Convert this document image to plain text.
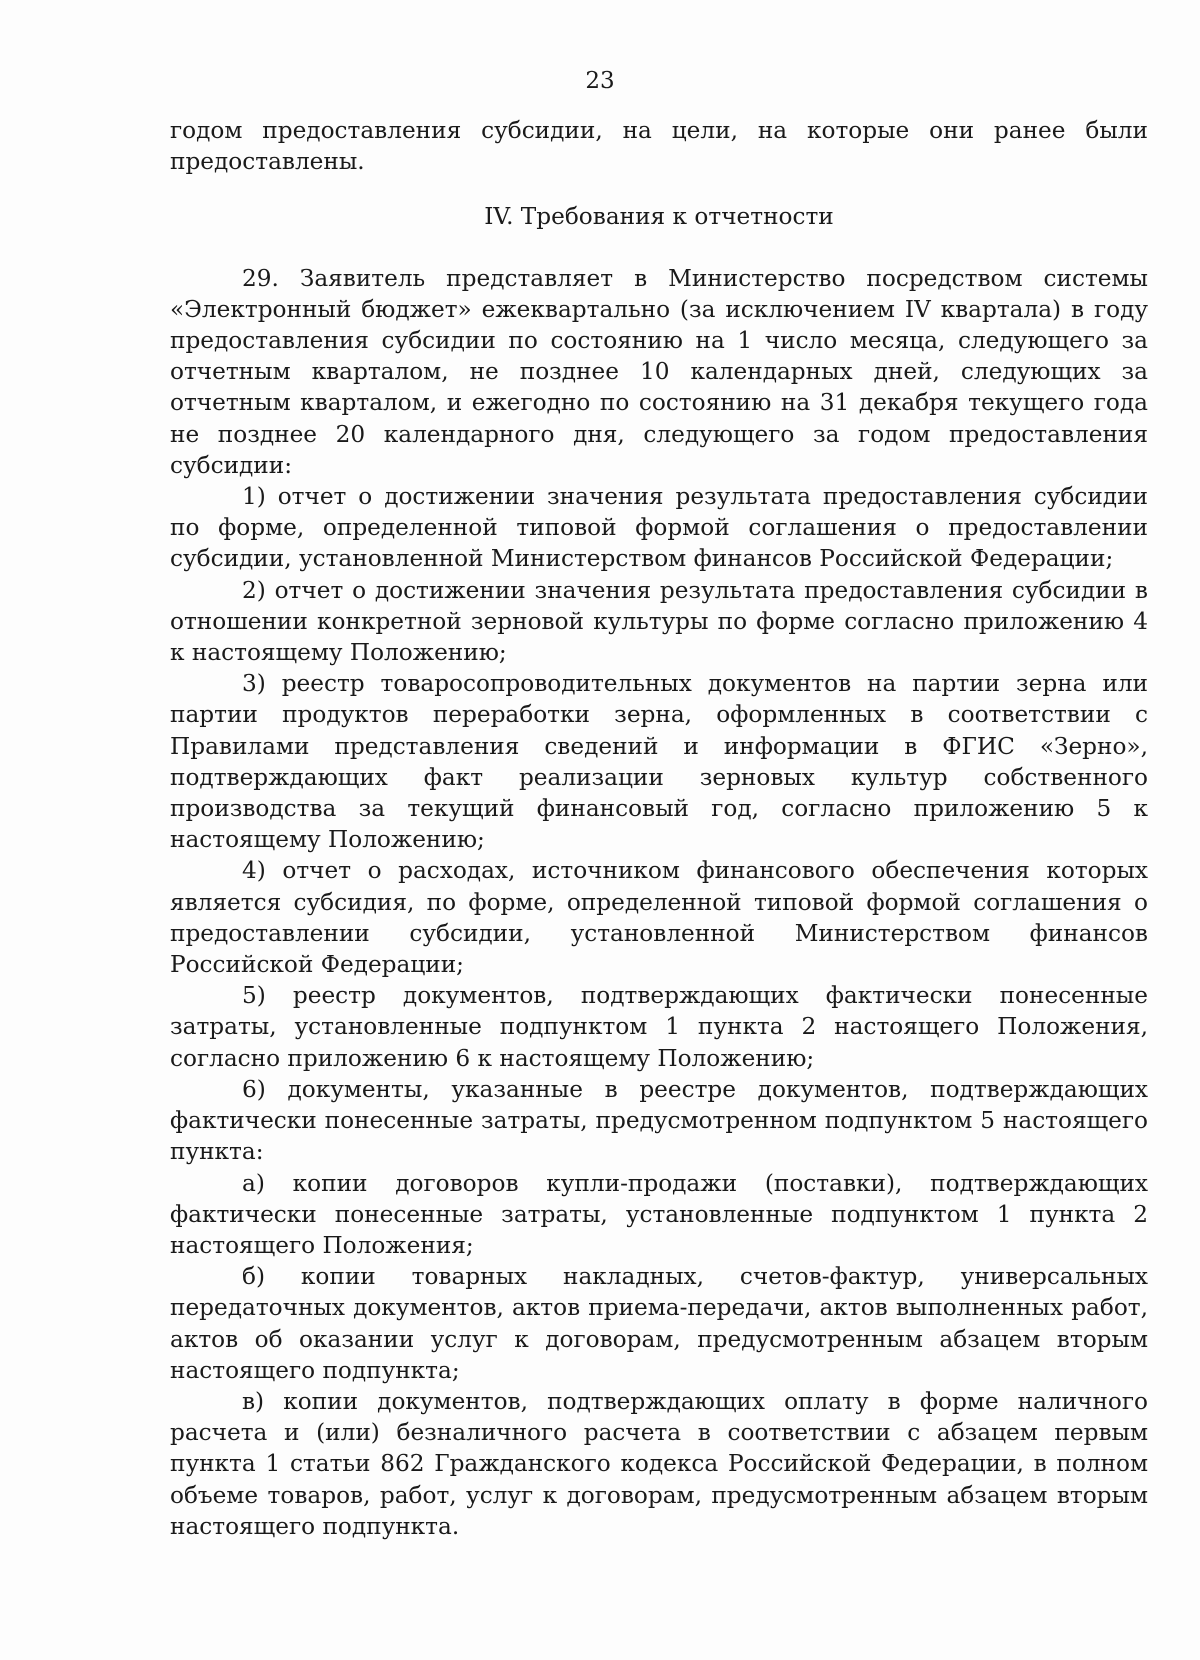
23

годом предоставления субсидии, на цели, на которые они ранее были предоставлены.

IV. Требования к отчетности

29. Заявитель представляет в Министерство посредством системы «Электронный бюджет» ежеквартально (за исключением IV квартала) в году предоставления субсидии по состоянию на 1 число месяца, следующего за отчетным кварталом, не позднее 10 календарных дней, следующих за отчетным кварталом, и ежегодно по состоянию на 31 декабря текущего года не позднее 20 календарного дня, следующего за годом предоставления субсидии:

1) отчет о достижении значения результата предоставления субсидии по форме, определенной типовой формой соглашения о предоставлении субсидии, установленной Министерством финансов Российской Федерации;

2) отчет о достижении значения результата предоставления субсидии в отношении конкретной зерновой культуры по форме согласно приложению 4 к настоящему Положению;

3) реестр товаросопроводительных документов на партии зерна или партии продуктов переработки зерна, оформленных в соответствии с Правилами представления сведений и информации в ФГИС «Зерно», подтверждающих факт реализации зерновых культур собственного производства за текущий финансовый год, согласно приложению 5 к настоящему Положению;

4) отчет о расходах, источником финансового обеспечения которых является субсидия, по форме, определенной типовой формой соглашения о предоставлении субсидии, установленной Министерством финансов Российской Федерации;

5) реестр документов, подтверждающих фактически понесенные затраты, установленные подпунктом 1 пункта 2 настоящего Положения, согласно приложению 6 к настоящему Положению;

6) документы, указанные в реестре документов, подтверждающих фактически понесенные затраты, предусмотренном подпунктом 5 настоящего пункта:

а) копии договоров купли-продажи (поставки), подтверждающих фактически понесенные затраты, установленные подпунктом 1 пункта 2 настоящего Положения;

б) копии товарных накладных, счетов-фактур, универсальных передаточных документов, актов приема-передачи, актов выполненных работ, актов об оказании услуг к договорам, предусмотренным абзацем вторым настоящего подпункта;

в) копии документов, подтверждающих оплату в форме наличного расчета и (или) безналичного расчета в соответствии с абзацем первым пункта 1 статьи 862 Гражданского кодекса Российской Федерации, в полном объеме товаров, работ, услуг к договорам, предусмотренным абзацем вторым настоящего подпункта.
